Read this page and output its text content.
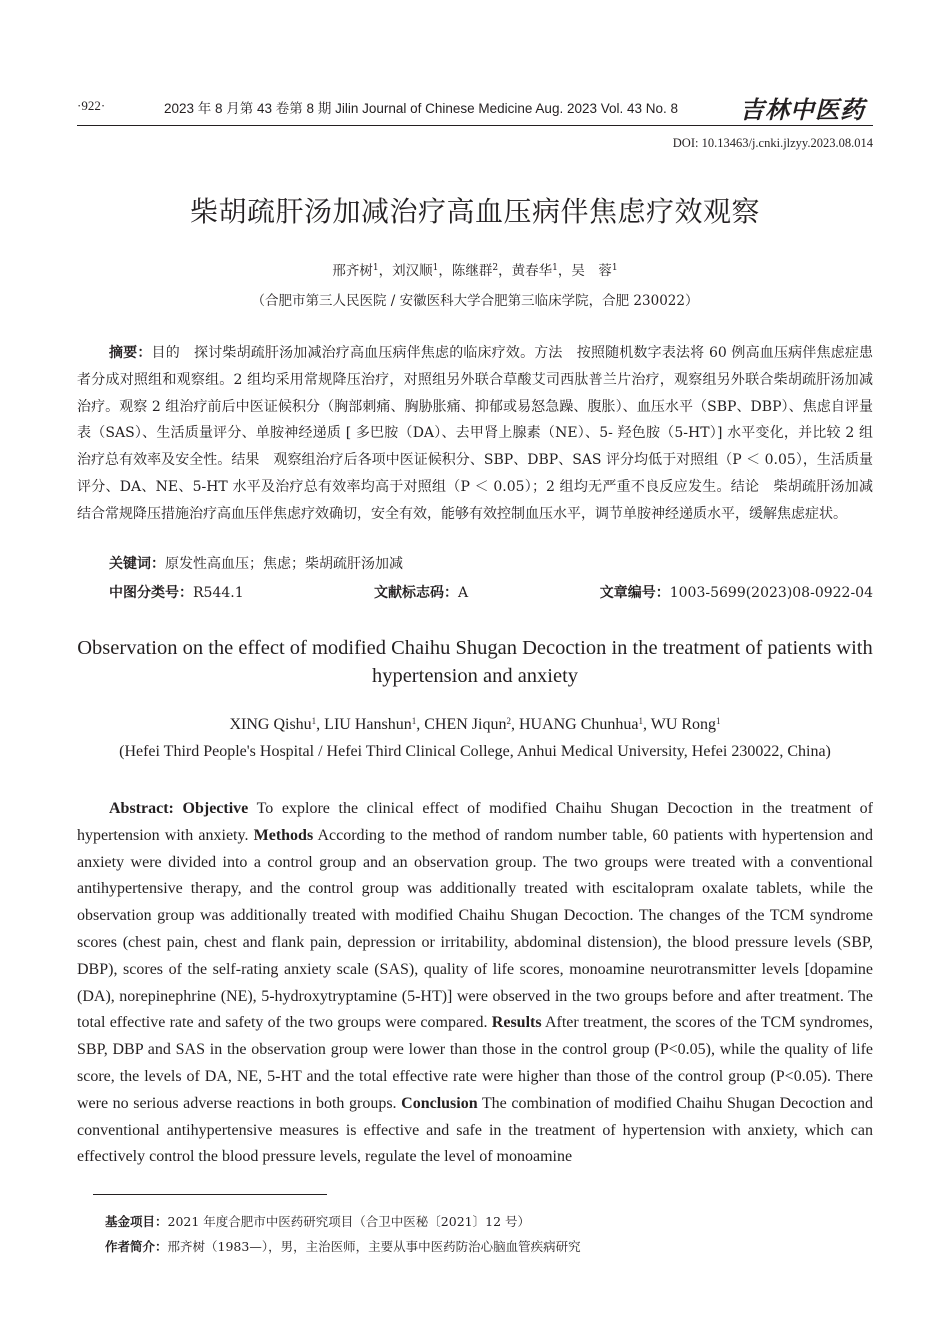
·922·	2023 年 8 月第 43 卷第 8 期 Jilin Journal of Chinese Medicine Aug. 2023 Vol. 43 No. 8	吉林中医药
DOI: 10.13463/j.cnki.jlzyy.2023.08.014
柴胡疏肝汤加减治疗高血压病伴焦虑疗效观察
邢齐树$^1$，刘汉顺$^1$，陈继群$^2$，黄春华$^1$，吴　蓉$^1$
（合肥市第三人民医院 / 安徽医科大学合肥第三临床学院，合肥 230022）
摘要：目的　探讨柴胡疏肝汤加减治疗高血压病伴焦虑的临床疗效。方法　按照随机数字表法将 60 例高血压病伴焦虑症患者分成对照组和观察组。2 组均采用常规降压治疗，对照组另外联合草酸艾司西肽普兰片治疗，观察组另外联合柴胡疏肝汤加减治疗。观察 2 组治疗前后中医证候积分（胸部刺痛、胸胁胀痛、抑郁或易怒急躁、腹胀）、血压水平（SBP、DBP）、焦虑自评量表（SAS）、生活质量评分、单胺神经递质 [ 多巴胺（DA）、去甲肾上腺素（NE）、5- 羟色胺（5-HT）] 水平变化，并比较 2 组治疗总有效率及安全性。结果　观察组治疗后各项中医证候积分、SBP、DBP、SAS 评分均低于对照组（P ＜ 0.05），生活质量评分、DA、NE、5-HT 水平及治疗总有效率均高于对照组（P ＜ 0.05）；2 组均无严重不良反应发生。结论　柴胡疏肝汤加减结合常规降压措施治疗高血压伴焦虑疗效确切，安全有效，能够有效控制血压水平，调节单胺神经递质水平，缓解焦虑症状。
关键词：原发性高血压；焦虑；柴胡疏肝汤加减
中图分类号：R544.1	文献标志码：A	文章编号：1003-5699(2023)08-0922-04
Observation on the effect of modified Chaihu Shugan Decoction in the treatment of patients with hypertension and anxiety
XING Qishu$^1$, LIU Hanshun$^1$, CHEN Jiqun$^2$, HUANG Chunhua$^1$, WU Rong$^1$
(Hefei Third People's Hospital / Hefei Third Clinical College, Anhui Medical University, Hefei 230022, China)
Abstract: Objective To explore the clinical effect of modified Chaihu Shugan Decoction in the treatment of hypertension with anxiety. Methods According to the method of random number table, 60 patients with hypertension and anxiety were divided into a control group and an observation group. The two groups were treated with a conventional antihypertensive therapy, and the control group was additionally treated with escitalopram oxalate tablets, while the observation group was additionally treated with modified Chaihu Shugan Decoction. The changes of the TCM syndrome scores (chest pain, chest and flank pain, depression or irritability, abdominal distension), the blood pressure levels (SBP, DBP), scores of the self-rating anxiety scale (SAS), quality of life scores, monoamine neurotransmitter levels [dopamine (DA), norepinephrine (NE), 5-hydroxytryptamine (5-HT)] were observed in the two groups before and after treatment. The total effective rate and safety of the two groups were compared. Results After treatment, the scores of the TCM syndromes, SBP, DBP and SAS in the observation group were lower than those in the control group (P<0.05), while the quality of life score, the levels of DA, NE, 5-HT and the total effective rate were higher than those of the control group (P<0.05). There were no serious adverse reactions in both groups. Conclusion The combination of modified Chaihu Shugan Decoction and conventional antihypertensive measures is effective and safe in the treatment of hypertension with anxiety, which can effectively control the blood pressure levels, regulate the level of monoamine
基金项目：2021 年度合肥市中医药研究项目（合卫中医秘〔2021〕12 号）
作者简介：邢齐树（1983—），男，主治医师，主要从事中医药防治心脑血管疾病研究
